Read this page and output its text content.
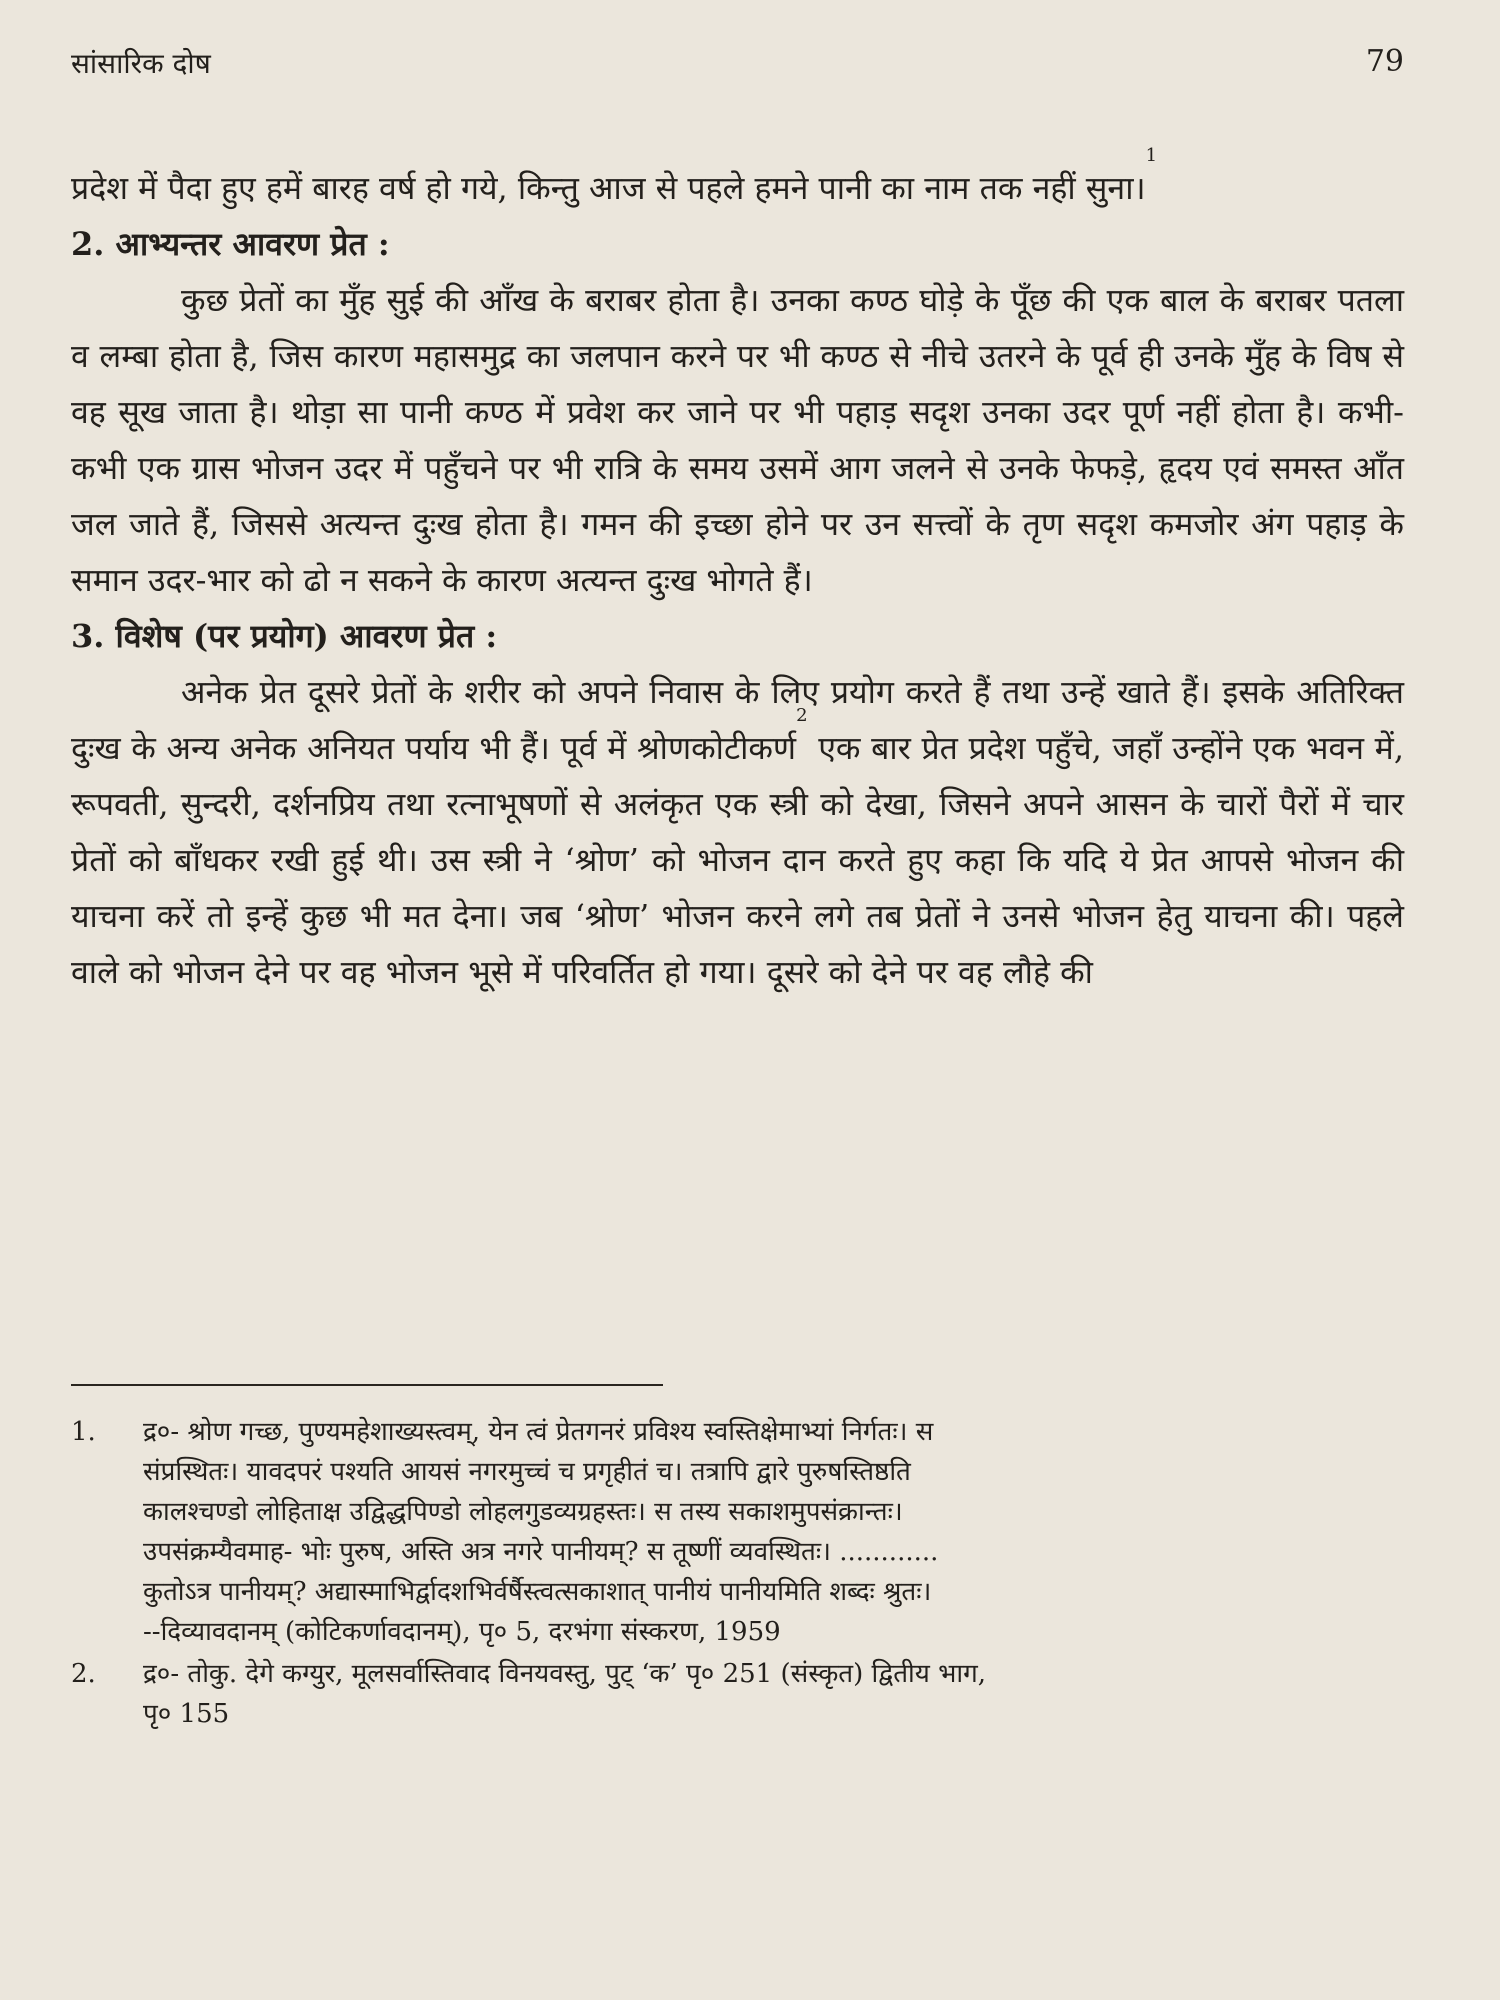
सांसारिक दोष	79

प्रदेश में पैदा हुए हमें बारह वर्ष हो गये, किन्तु आज से पहले हमने पानी का नाम तक नहीं सुना।$^1$

2. आभ्यन्तर आवरण प्रेत :

कुछ प्रेतों का मुँह सुई की आँख के बराबर होता है। उनका कण्ठ घोड़े के पूँछ की एक बाल के बराबर पतला व लम्बा होता है, जिस कारण महासमुद्र का जलपान करने पर भी कण्ठ से नीचे उतरने के पूर्व ही उनके मुँह के विष से वह सूख जाता है। थोड़ा सा पानी कण्ठ में प्रवेश कर जाने पर भी पहाड़ सदृश उनका उदर पूर्ण नहीं होता है। कभी-कभी एक ग्रास भोजन उदर में पहुँचने पर भी रात्रि के समय उसमें आग जलने से उनके फेफड़े, हृदय एवं समस्त आँत जल जाते हैं, जिससे अत्यन्त दुःख होता है। गमन की इच्छा होने पर उन सत्त्वों के तृण सदृश कमजोर अंग पहाड़ के समान उदर-भार को ढो न सकने के कारण अत्यन्त दुःख भोगते हैं।

3. विशेष (पर प्रयोग) आवरण प्रेत :

अनेक प्रेत दूसरे प्रेतों के शरीर को अपने निवास के लिए प्रयोग करते हैं तथा उन्हें खाते हैं। इसके अतिरिक्त दुःख के अन्य अनेक अनियत पर्याय भी हैं। पूर्व में श्रोणकोटीकर्ण$^2$ एक बार प्रेत प्रदेश पहुँचे, जहाँ उन्होंने एक भवन में, रूपवती, सुन्दरी, दर्शनप्रिय तथा रत्नाभूषणों से अलंकृत एक स्त्री को देखा, जिसने अपने आसन के चारों पैरों में चार प्रेतों को बाँधकर रखी हुई थी। उस स्त्री ने ‘श्रोण’ को भोजन दान करते हुए कहा कि यदि ये प्रेत आपसे भोजन की याचना करें तो इन्हें कुछ भी मत देना। जब ‘श्रोण’ भोजन करने लगे तब प्रेतों ने उनसे भोजन हेतु याचना की। पहले वाले को भोजन देने पर वह भोजन भूसे में परिवर्तित हो गया। दूसरे को देने पर वह लौहे की

1.	द्र०- श्रोण गच्छ, पुण्यमहेशाख्यस्त्वम्, येन त्वं प्रेतगनरं प्रविश्य स्वस्तिक्षेमाभ्यां निर्गतः। स
संप्रस्थितः। यावदपरं पश्यति आयसं नगरमुच्चं च प्रगृहीतं च। तत्रापि द्वारे पुरुषस्तिष्ठति
कालश्चण्डो लोहिताक्ष उद्विद्धपिण्डो लोहलगुडव्यग्रहस्तः। स तस्य सकाशमुपसंक्रान्तः।
उपसंक्रम्यैवमाह- भोः पुरुष, अस्ति अत्र नगरे पानीयम्? स तूष्णीं व्यवस्थितः। ............
कुतोऽत्र पानीयम्? अद्यास्माभिर्द्वादशभिर्वर्षैस्त्वत्सकाशात् पानीयं पानीयमिति शब्दः श्रुतः।
--दिव्यावदानम् (कोटिकर्णावदानम्), पृ० 5, दरभंगा संस्करण, 1959
2.	द्र०- तोकु. देगे कग्युर, मूलसर्वास्तिवाद विनयवस्तु, पुट्‌ ‘क’ पृ० 251 (संस्कृत) द्वितीय भाग,
पृ० 155
